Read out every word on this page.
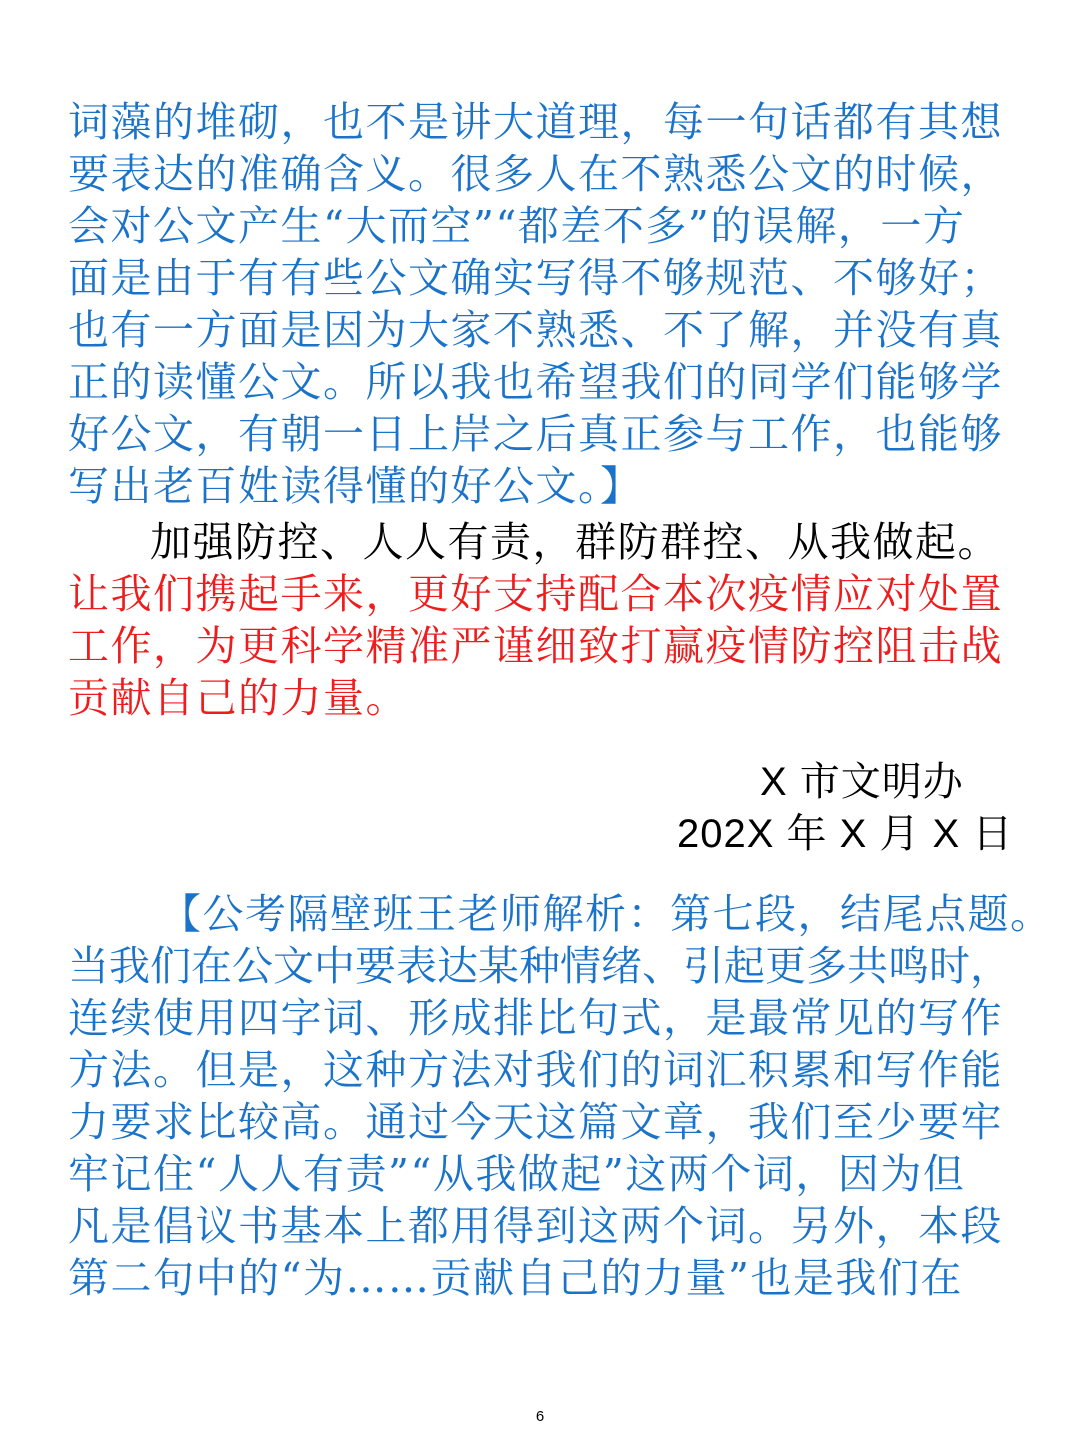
词藻的堆砌，也不是讲大道理，每一句话都有其想
要表达的准确含义。很多人在不熟悉公文的时候，
会对公文产生“大而空”“都差不多”的误解，一方
面是由于有有些公文确实写得不够规范、不够好；
也有一方面是因为大家不熟悉、不了解，并没有真
正的读懂公文。所以我也希望我们的同学们能够学
好公文，有朝一日上岸之后真正参与工作，也能够
写出老百姓读得懂的好公文。】
加强防控、人人有责，群防群控、从我做起。
让我们携起手来，更好支持配合本次疫情应对处置
工作，为更科学精准严谨细致打赢疫情防控阻击战
贡献自己的力量。
X 市文明办
202X 年 X 月 X 日
【公考隔壁班王老师解析：第七段，结尾点题。
当我们在公文中要表达某种情绪、引起更多共鸣时，
连续使用四字词、形成排比句式，是最常见的写作
方法。但是，这种方法对我们的词汇积累和写作能
力要求比较高。通过今天这篇文章，我们至少要牢
牢记住“人人有责”“从我做起”这两个词，因为但
凡是倡议书基本上都用得到这两个词。另外，本段
第二句中的“为……贡献自己的力量”也是我们在
6
